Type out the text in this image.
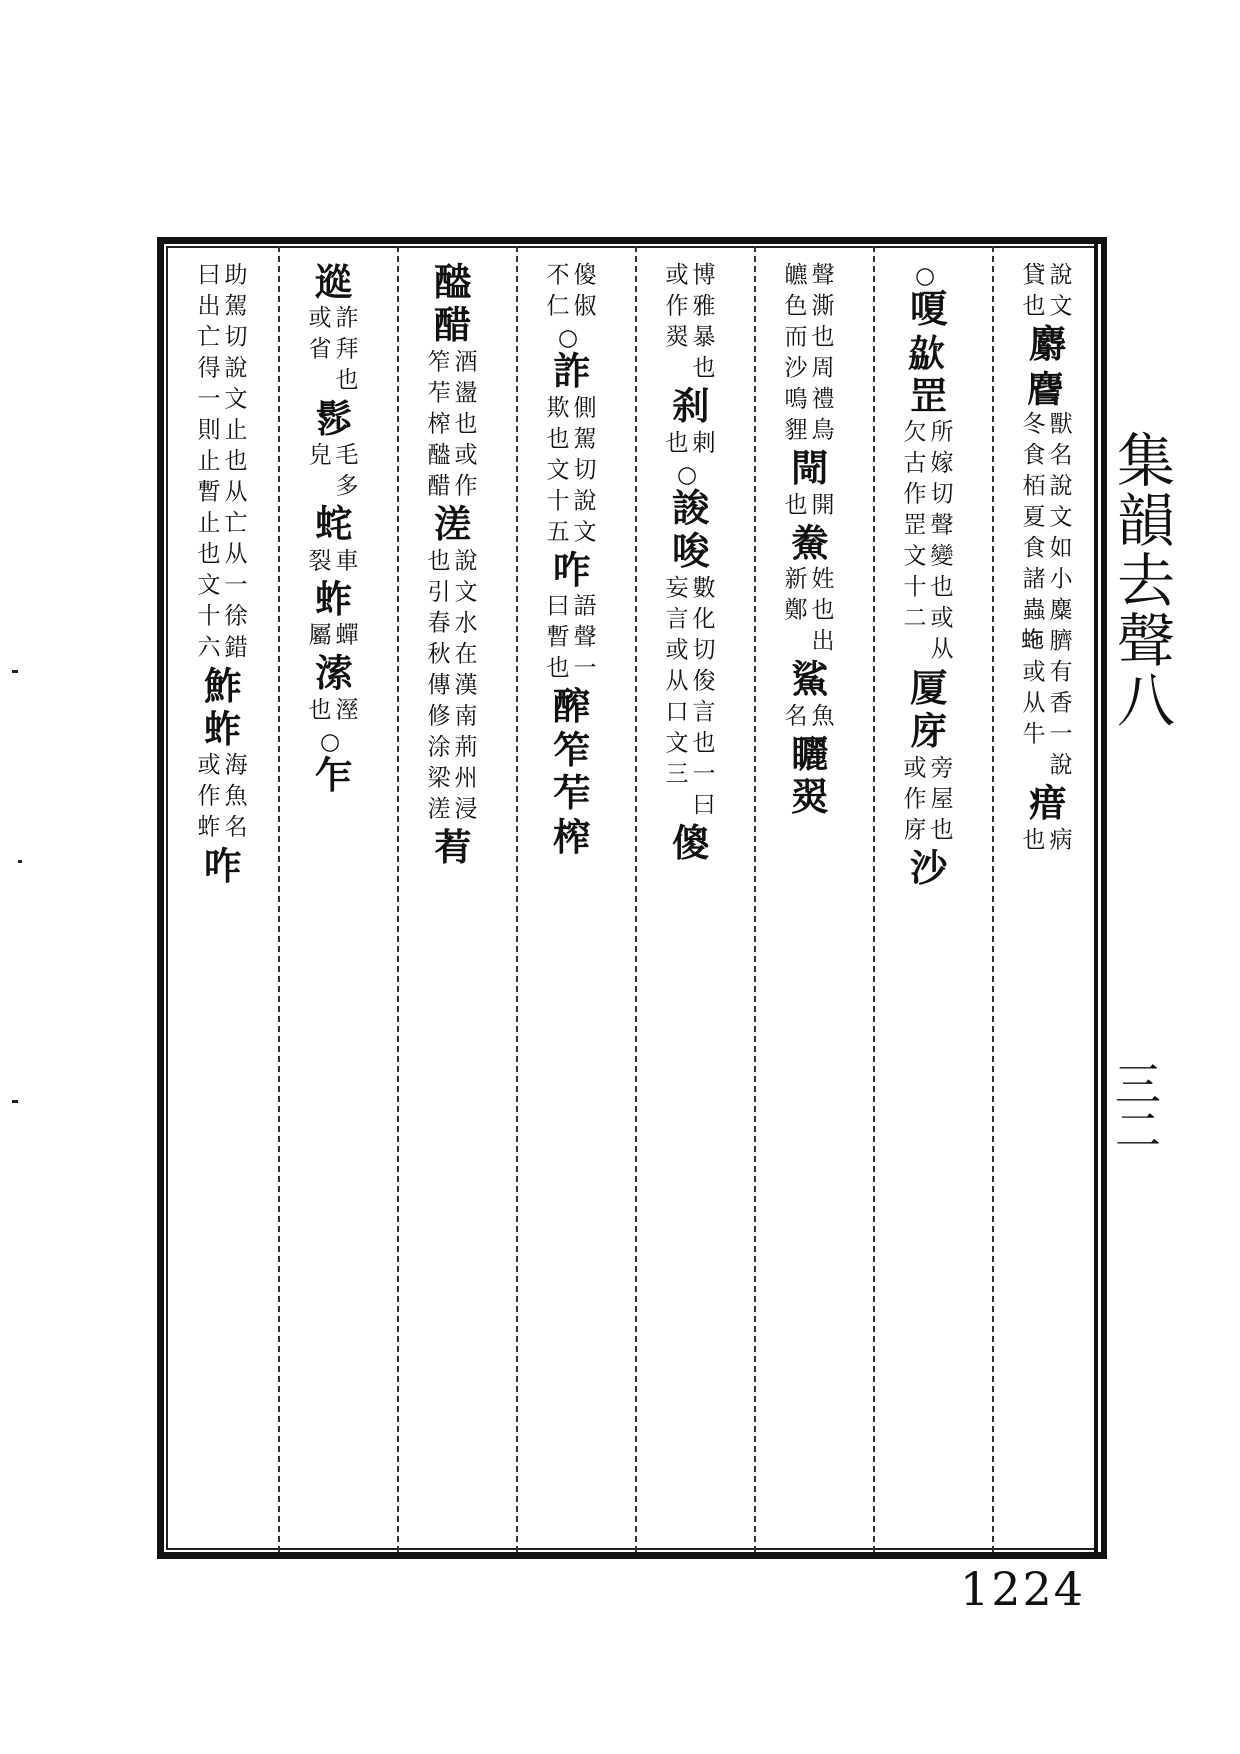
說文
貸也
麝
𪊨
獸名說文如小麋臍有香一說
冬食栢夏食諸蟲𧉮或从牛
瘄
病
也
○
嗄
𣢩
罡
所嫁切聲變也或从
欠古作罡文十二
厦
庌
旁屋也
或作庌
沙
聲澌也周禮鳥
皫色而沙鳴貍
閜
開
也
鮝
姓也出
新鄭
鯊
魚
名
矖
翜
博雅暴也
或作翜
刹
剌
也
○
誜
唆
數化切俊言也一曰
妄言或从口文三
傻
傻俶
不仁
○
詐
側駕切說文
欺也文十五
咋
語聲一
曰暫也
醡
笮
苲
榨
醠
醋
酒盪也或作
笮苲榨醠醋
溠
說文水在漢南荊州浸
也引春秋傳修涂梁溠
䒴
䢨
詐拜也
或省
髿
毛多
皃
䖳
車
裂
蚱
蟬
屬
溹
溼
也
○
乍
助駕切說文止也从亡从一徐錯
曰出亡得一則止暫止也文十六
鮓
蚱
海魚名
或作蚱
咋
集韻去聲八
三二
1224
